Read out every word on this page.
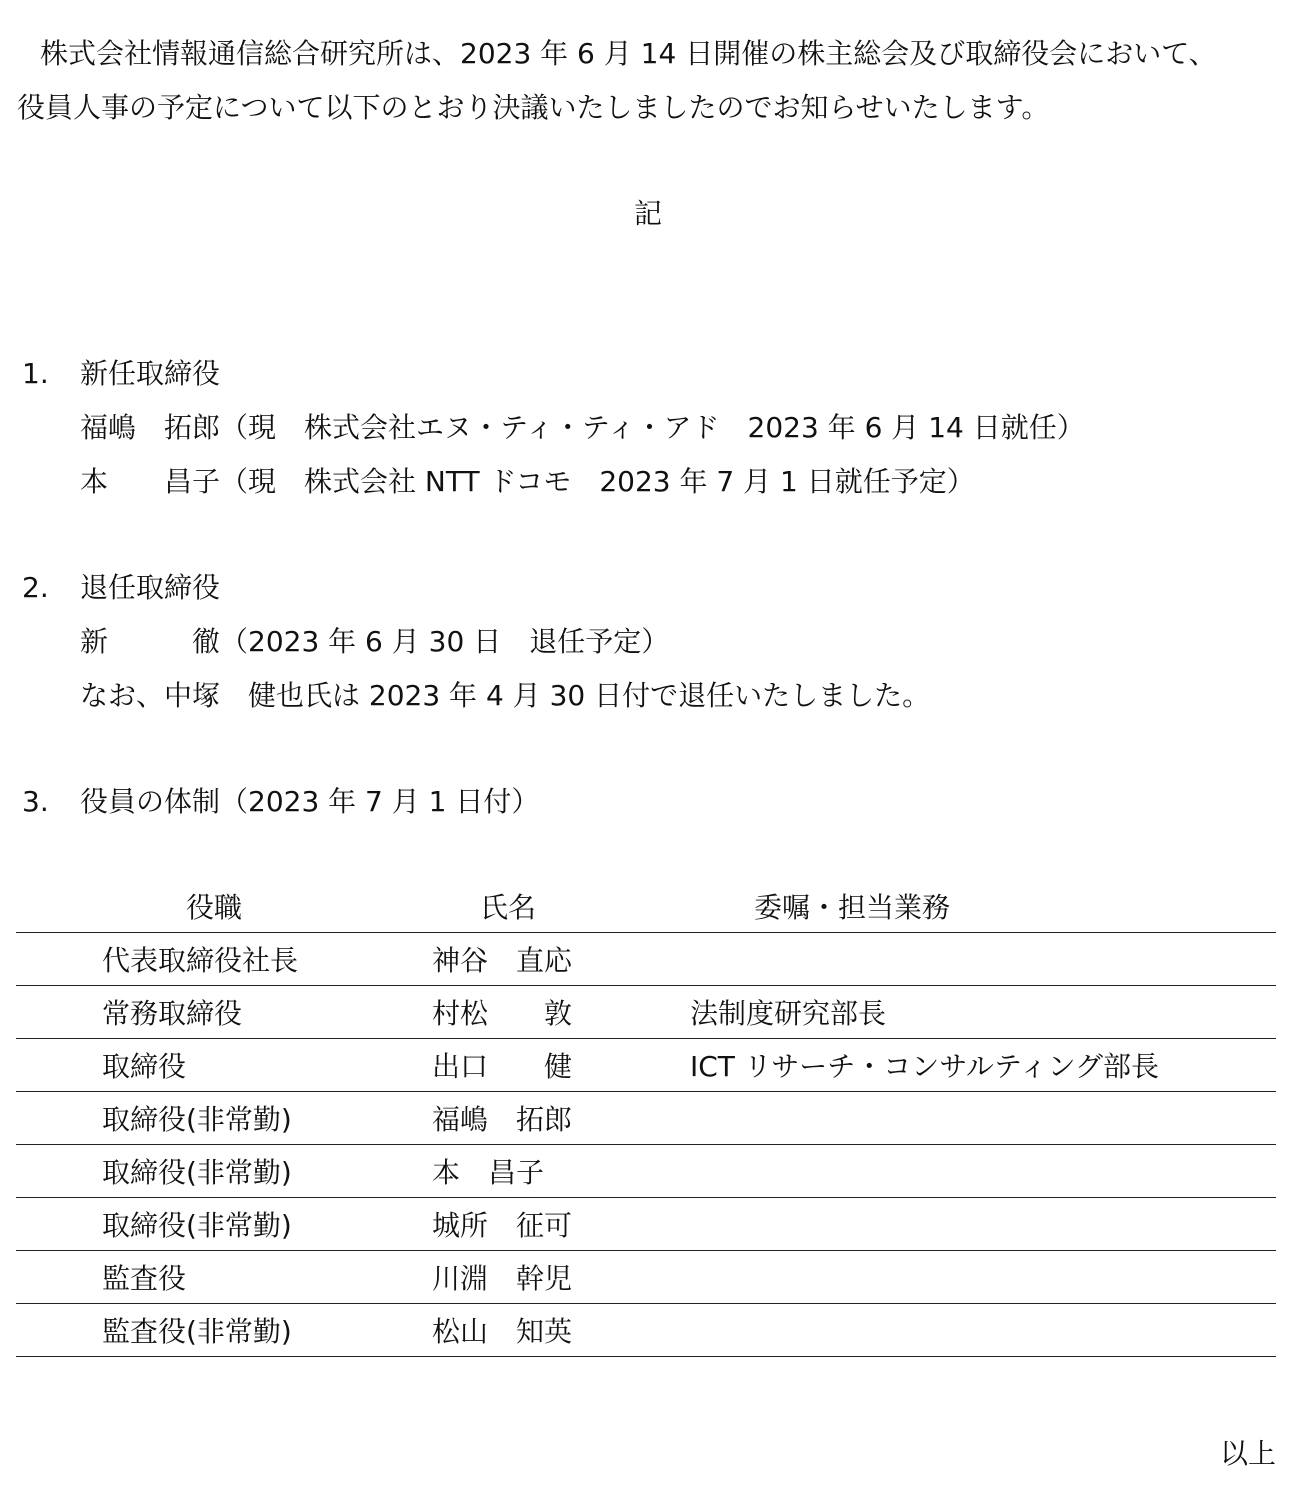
株式会社情報通信総合研究所は、2023 年 6 月 14 日開催の株主総会及び取締役会において、
役員人事の予定について以下のとおり決議いたしましたのでお知らせいたします。
記
1. 新任取締役
福嶋　拓郎（現　株式会社エヌ・ティ・ティ・アド　2023 年 6 月 14 日就任）
本　　昌子（現　株式会社 NTT ドコモ　2023 年 7 月 1 日就任予定）
2. 退任取締役
新　　　徹（2023 年 6 月 30 日　退任予定）
なお、中塚　健也氏は 2023 年 4 月 30 日付で退任いたしました。
3. 役員の体制（2023 年 7 月 1 日付）
役職	氏名	委嘱・担当業務
代表取締役社長	神谷　直応	
常務取締役	村松　　敦	法制度研究部長
取締役	出口　　健	ICT リサーチ・コンサルティング部長
取締役(非常勤)	福嶋　拓郎	
取締役(非常勤)	本　昌子	
取締役(非常勤)	城所　征可	
監査役	川淵　幹児	
監査役(非常勤)	松山　知英	
以上
